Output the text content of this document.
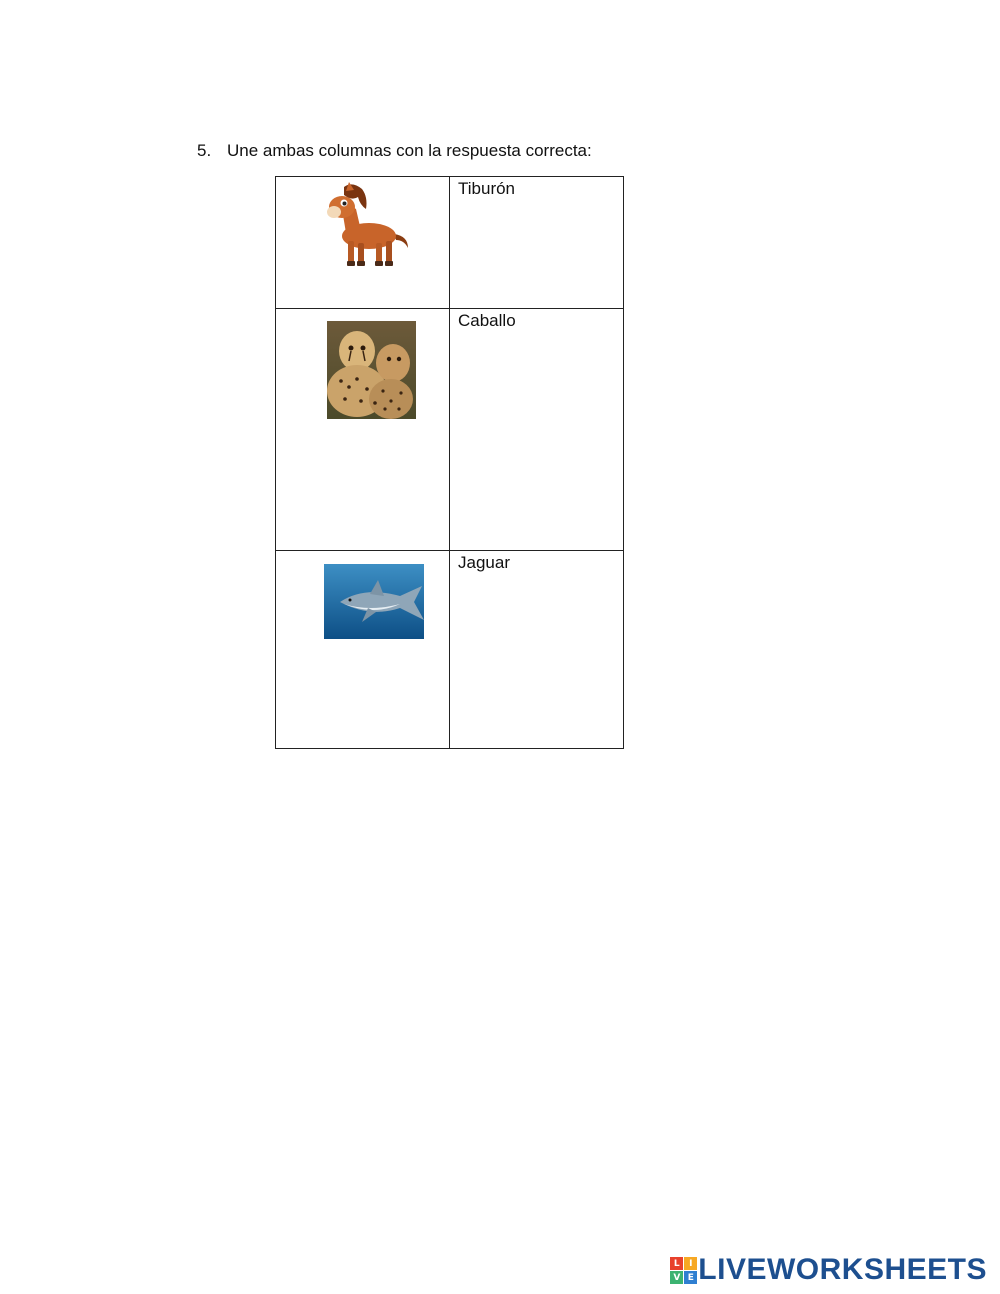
5. Une ambas columnas con la respuesta correcta:

Tiburón

Caballo

Jaguar
L	I
V E LIVEWORKSHEETS
